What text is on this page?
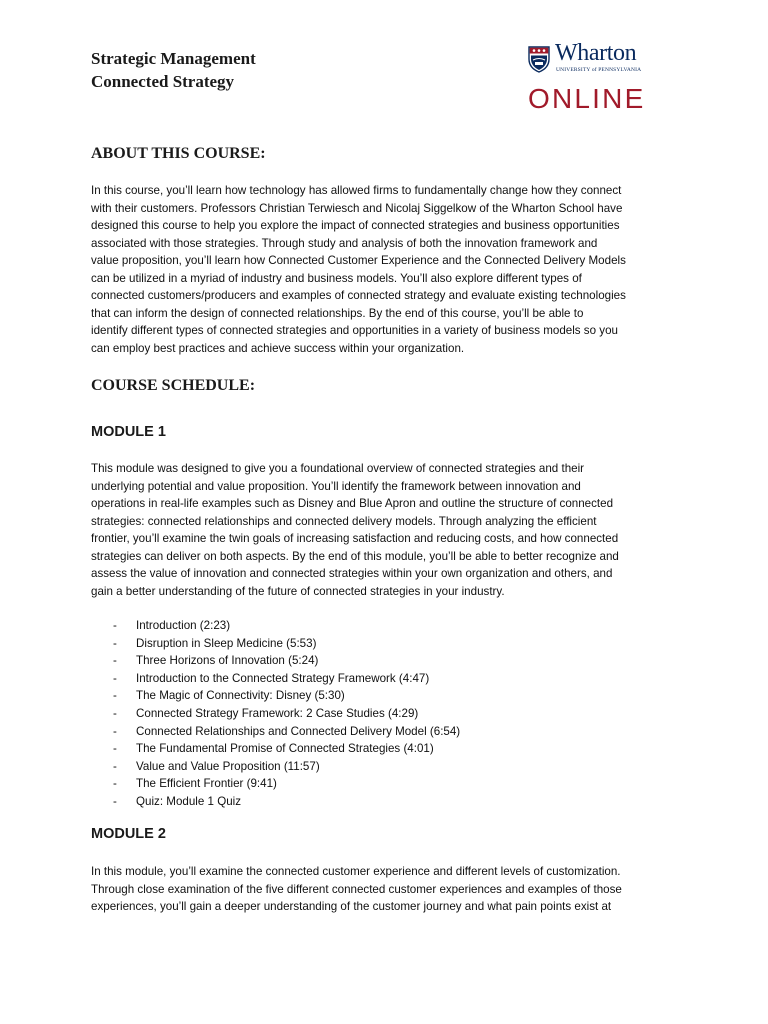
Strategic Management
Connected Strategy
Wharton
UNIVERSITY of PENNSYLVANIA
ONLINE
ABOUT THIS COURSE:
In this course, you’ll learn how technology has allowed firms to fundamentally change how they connect
with their customers. Professors Christian Terwiesch and Nicolaj Siggelkow of the Wharton School have
designed this course to help you explore the impact of connected strategies and business opportunities
associated with those strategies. Through study and analysis of both the innovation framework and
value proposition, you’ll learn how Connected Customer Experience and the Connected Delivery Models
can be utilized in a myriad of industry and business models. You’ll also explore different types of
connected customers/producers and examples of connected strategy and evaluate existing technologies
that can inform the design of connected relationships. By the end of this course, you’ll be able to
identify different types of connected strategies and opportunities in a variety of business models so you
can employ best practices and achieve success within your organization.
COURSE SCHEDULE:
MODULE 1
This module was designed to give you a foundational overview of connected strategies and their
underlying potential and value proposition. You’ll identify the framework between innovation and
operations in real-life examples such as Disney and Blue Apron and outline the structure of connected
strategies: connected relationships and connected delivery models. Through analyzing the efficient
frontier, you’ll examine the twin goals of increasing satisfaction and reducing costs, and how connected
strategies can deliver on both aspects. By the end of this module, you’ll be able to better recognize and
assess the value of innovation and connected strategies within your own organization and others, and
gain a better understanding of the future of connected strategies in your industry.
- Introduction (2:23)
- Disruption in Sleep Medicine (5:53)
- Three Horizons of Innovation (5:24)
- Introduction to the Connected Strategy Framework (4:47)
- The Magic of Connectivity: Disney (5:30)
- Connected Strategy Framework: 2 Case Studies (4:29)
- Connected Relationships and Connected Delivery Model (6:54)
- The Fundamental Promise of Connected Strategies (4:01)
- Value and Value Proposition (11:57)
- The Efficient Frontier (9:41)
- Quiz: Module 1 Quiz
MODULE 2
In this module, you’ll examine the connected customer experience and different levels of customization.
Through close examination of the five different connected customer experiences and examples of those
experiences, you’ll gain a deeper understanding of the customer journey and what pain points exist at
